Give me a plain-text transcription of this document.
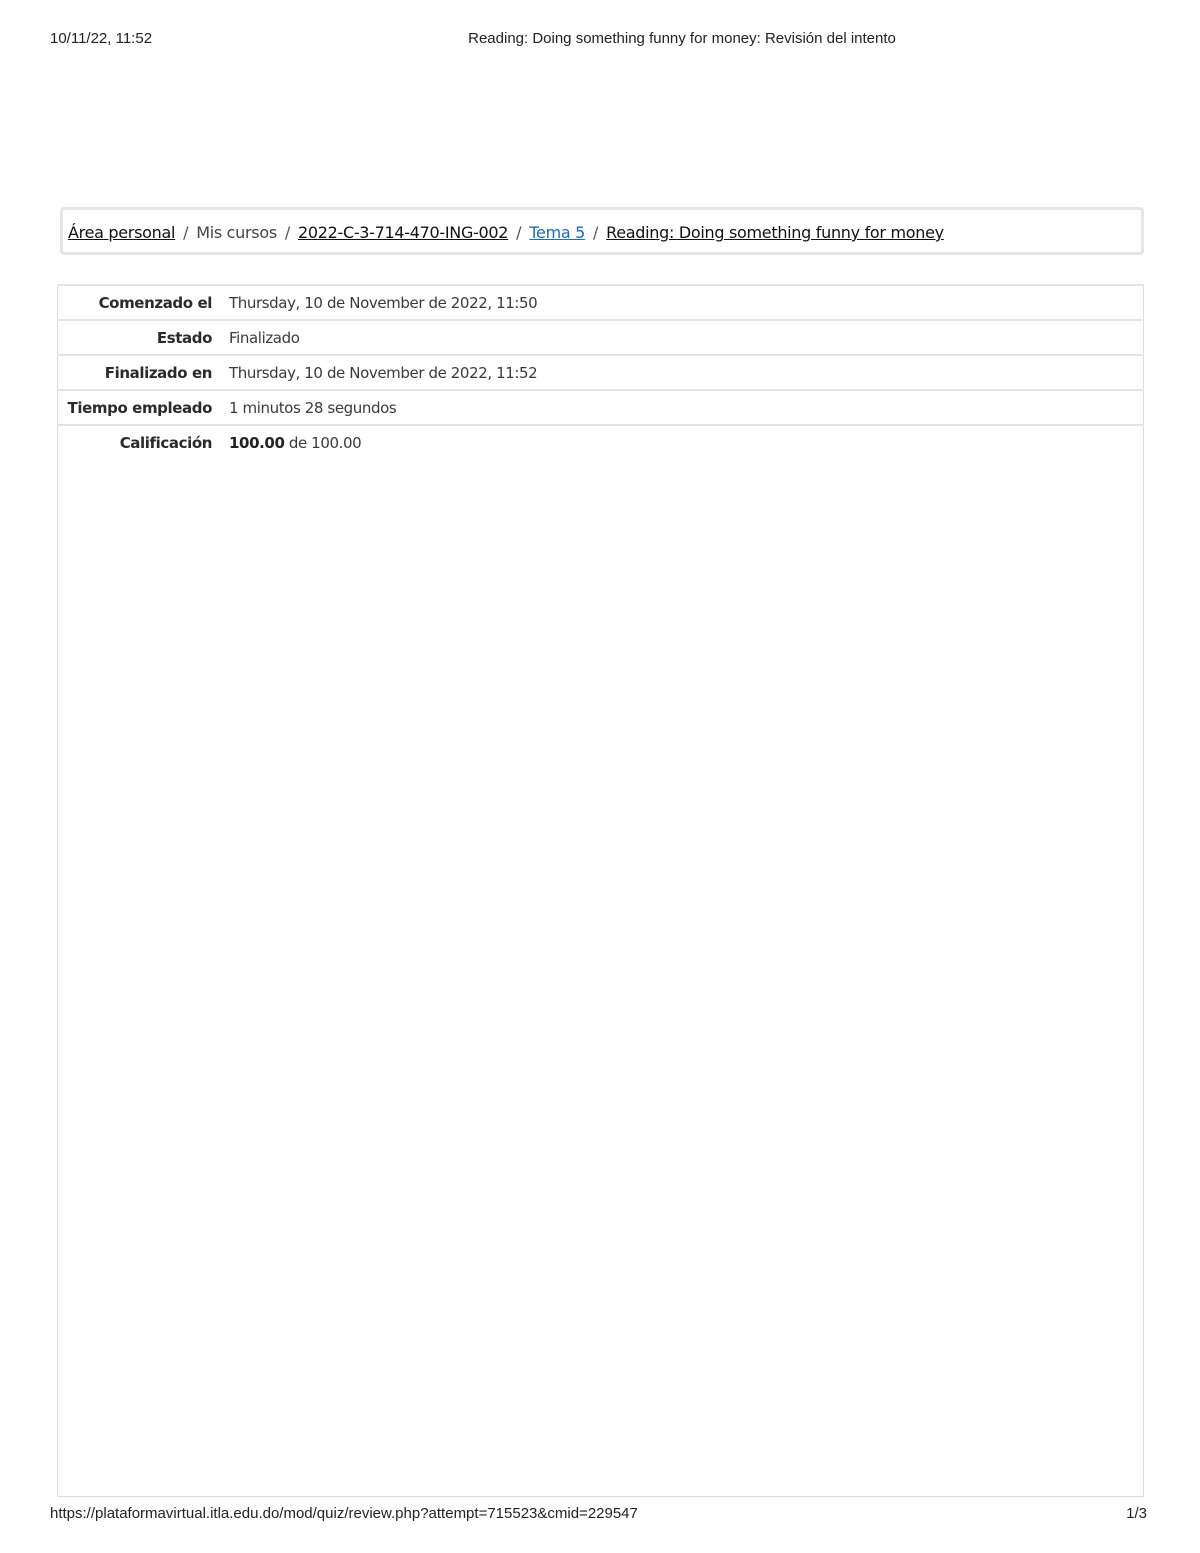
10/11/22, 11:52	Reading: Doing something funny for money: Revisión del intento
Área personal / Mis cursos / 2022-C-3-714-470-ING-002 / Tema 5 / Reading: Doing something funny for money
Comenzado el	Thursday, 10 de November de 2022, 11:50
Estado	Finalizado
Finalizado en	Thursday, 10 de November de 2022, 11:52
Tiempo empleado	1 minutos 28 segundos
Calificación	100.00 de 100.00
https://plataformavirtual.itla.edu.do/mod/quiz/review.php?attempt=715523&cmid=229547	1/3
